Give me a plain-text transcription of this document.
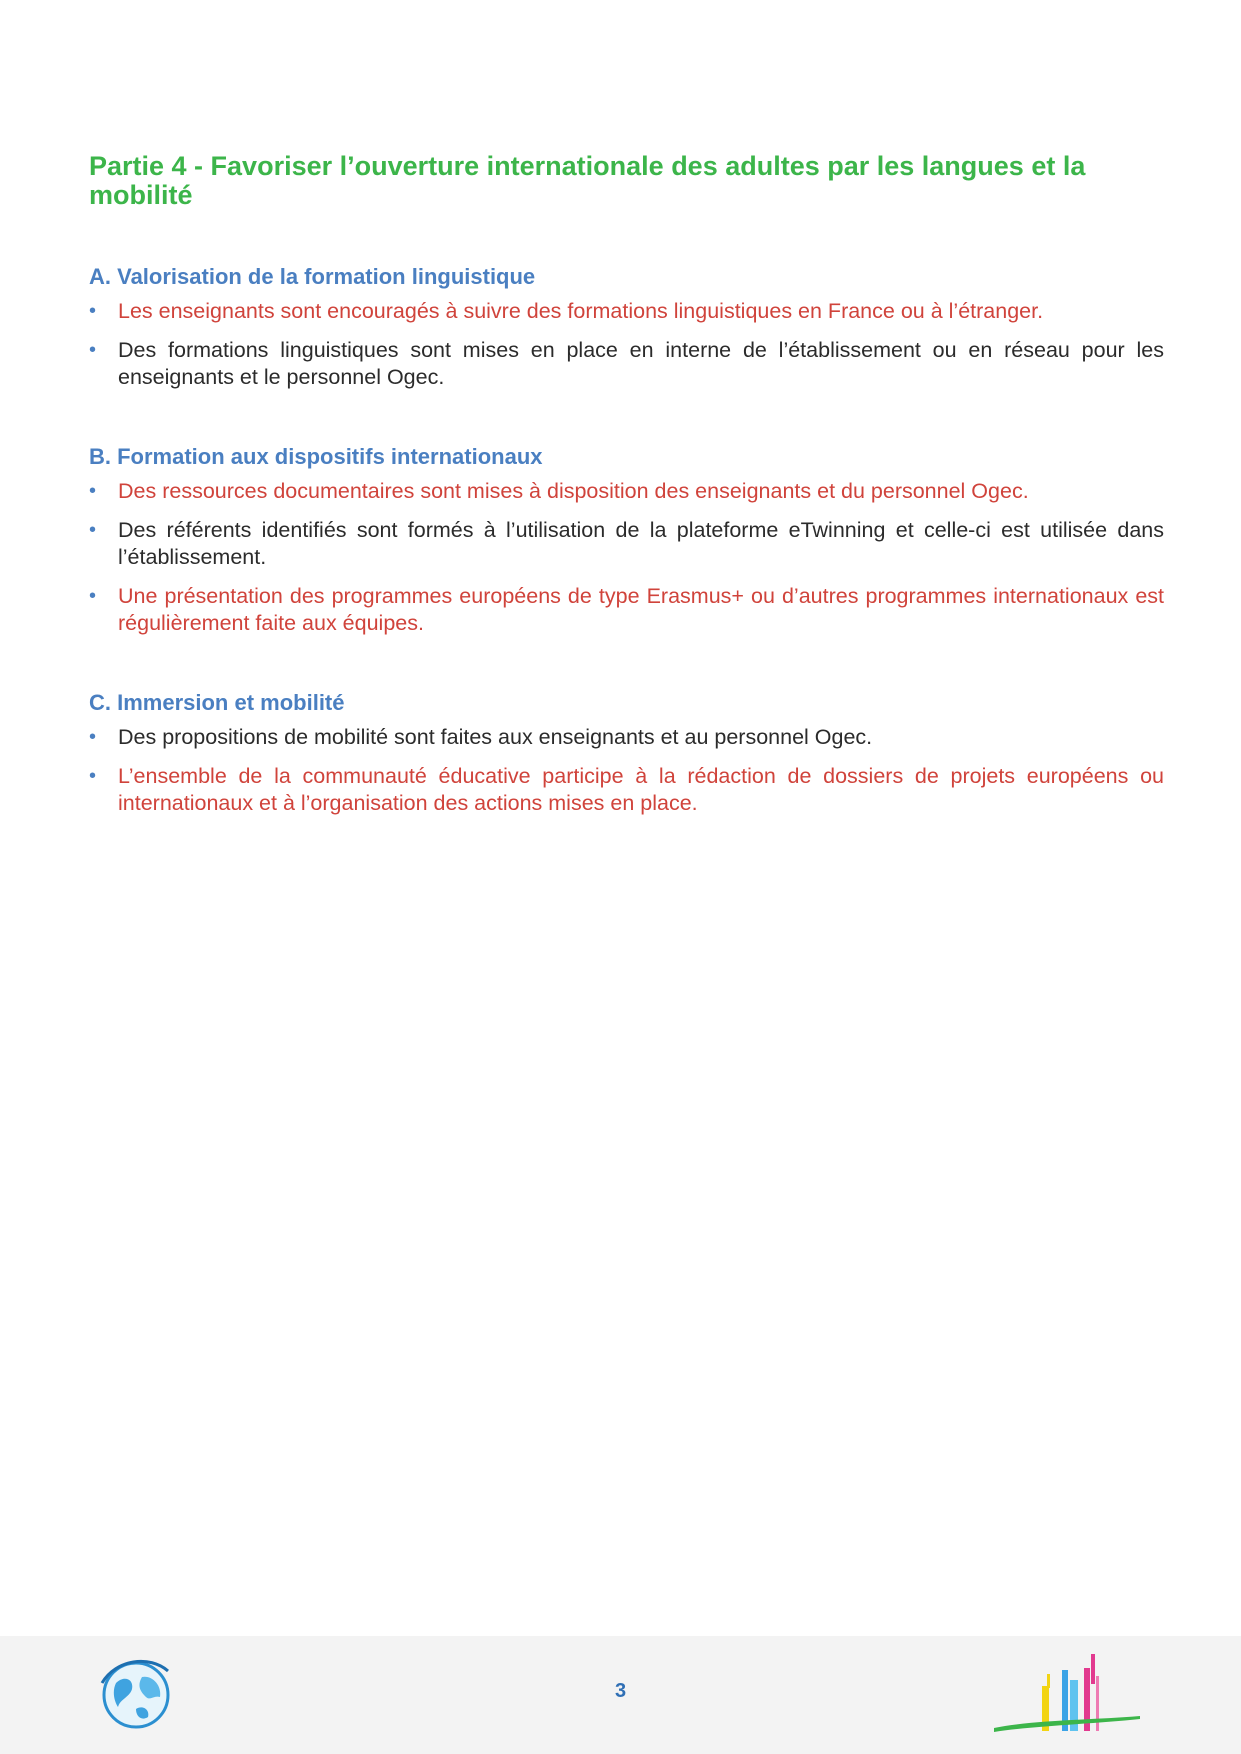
Partie 4 - Favoriser l’ouverture internationale des adultes par les langues et la mobilité
A. Valorisation de la formation linguistique
• Les enseignants sont encouragés à suivre des formations linguistiques en France ou à l’étranger.
• Des formations linguistiques sont mises en place en interne de l’établissement ou en réseau pour les enseignants et le personnel Ogec.
B. Formation aux dispositifs internationaux
• Des ressources documentaires sont mises à disposition des enseignants et du personnel Ogec.
• Des référents identifiés sont formés à l’utilisation de la plateforme eTwinning et celle-ci est utilisée dans l’établissement.
• Une présentation des programmes européens de type Erasmus+ ou d’autres programmes internationaux est régulièrement faite aux équipes.
C. Immersion et mobilité
• Des propositions de mobilité sont faites aux enseignants et au personnel Ogec.
• L’ensemble de la communauté éducative participe à la rédaction de dossiers de projets européens ou internationaux et à l’organisation des actions mises en place.
3
